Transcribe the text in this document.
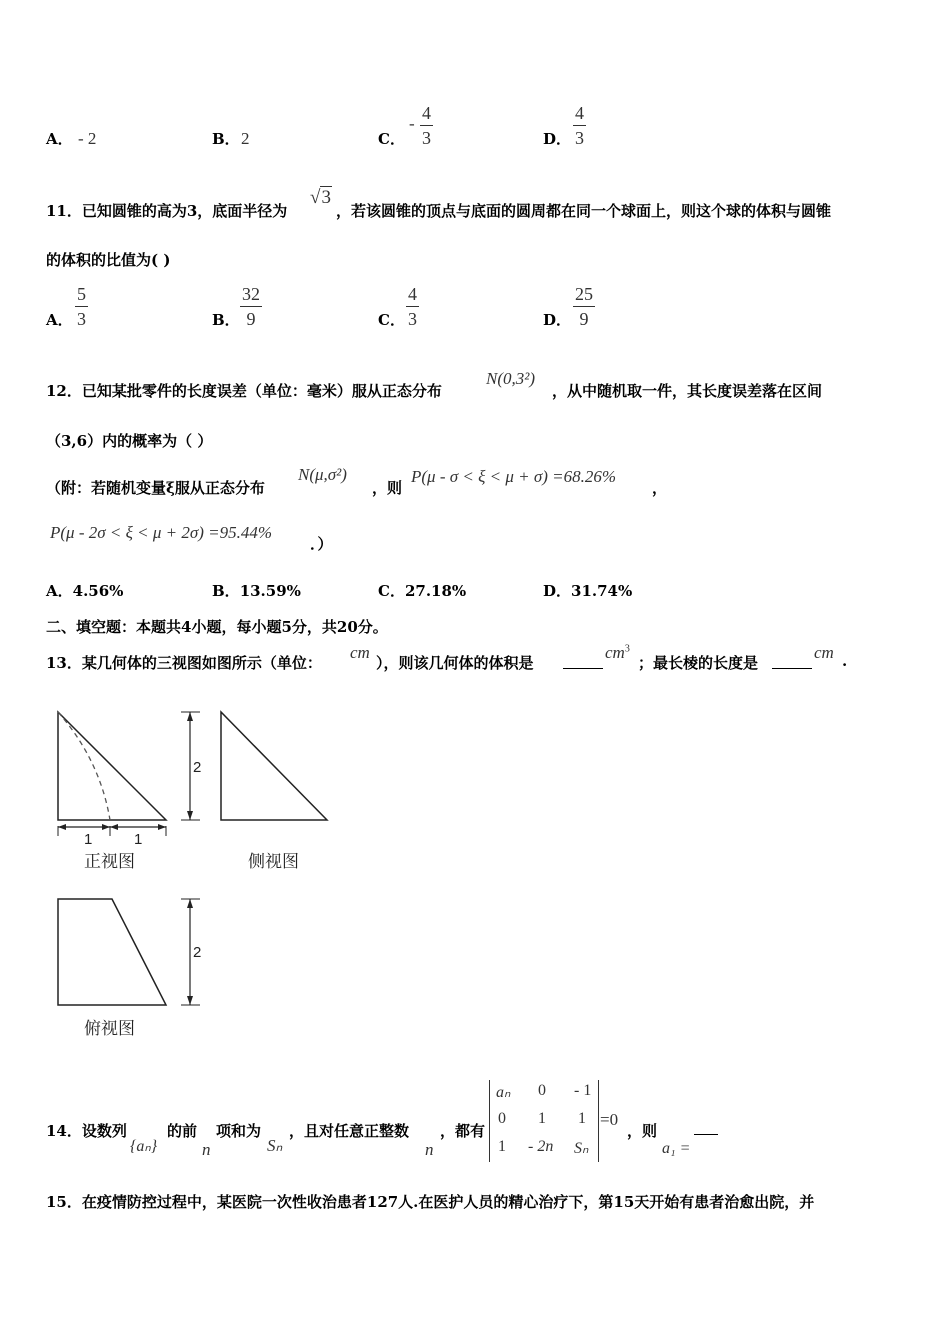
A． - 2	B． 2	C．
-
4
3	D．
4
3
11．已知圆锥的高为3，底面半径为
√3
，若该圆锥的顶点与底面的圆周都在同一个球面上，则这个球的体积与圆锥
的体积的比值为( )
A．
5
3	B．
32
9	C．
4
3	D．
25
9
12．已知某批零件的长度误差（单位：毫米）服从正态分布
N(0,3²)
，从中随机取一件，其长度误差落在区间
（3,6）内的概率为（ ）
（附：若随机变量ξ服从正态分布
N(μ,σ²)
，则
P(μ - σ < ξ < μ + σ) =68.26%
，
P(μ - 2σ < ξ < μ + 2σ) =95.44%
．）
A．4.56%	B．13.59%	C．27.18%	D．31.74%
二、填空题：本题共4小题，每小题5分，共20分。
13．某几何体的三视图如图所示（单位：
cm
），则该几何体的体积是
$cm^3$
；最长棱的长度是
cm .
1	1
正视图
2
侧视图
2
俯视图
14．设数列
{aₙ}
的前
n
项和为
Sₙ
，且对任意正整数
n
，都有
aₙ 0 - 1
0 1 1
1 - 2n Sₙ
=0
，则
a₁ =
15．在疫情防控过程中，某医院一次性收治患者127人.在医护人员的精心治疗下，第15天开始有患者治愈出院，并
